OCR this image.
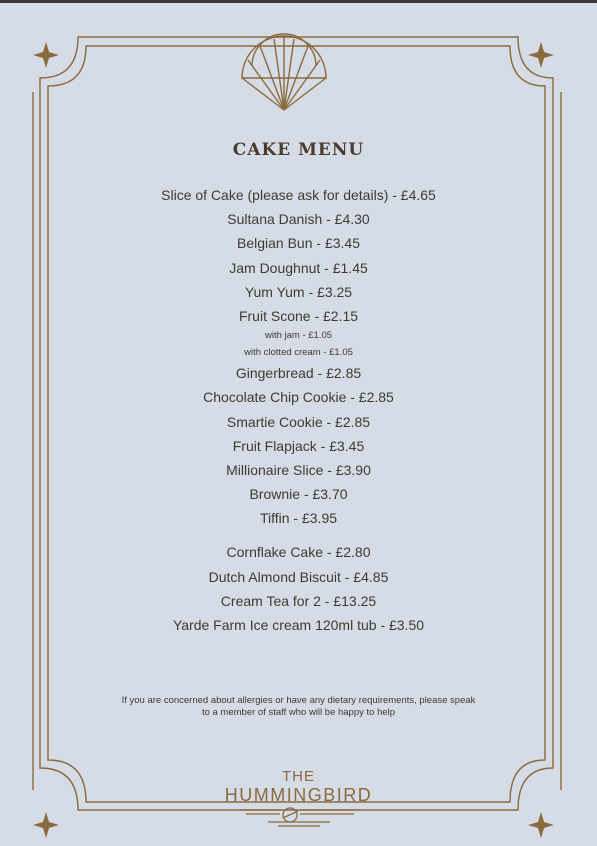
CAKE MENU
Slice of Cake (please ask for details) - £4.65
Sultana Danish - £4.30
Belgian Bun - £3.45
Jam Doughnut - £1.45
Yum Yum - £3.25
Fruit Scone - £2.15
with jam - £1.05
with clotted cream - £1.05
Gingerbread - £2.85
Chocolate Chip Cookie - £2.85
Smartie Cookie - £2.85
Fruit Flapjack - £3.45
Millionaire Slice - £3.90
Brownie - £3.70
Tiffin - £3.95
Cornflake Cake - £2.80
Dutch Almond Biscuit - £4.85
Cream Tea for 2 - £13.25
Yarde Farm Ice cream 120ml tub - £3.50
If you are concerned about allergies or have any dietary requirements, please speak
to a member of staff who will be happy to help
THE
HUMMINGBIRD
